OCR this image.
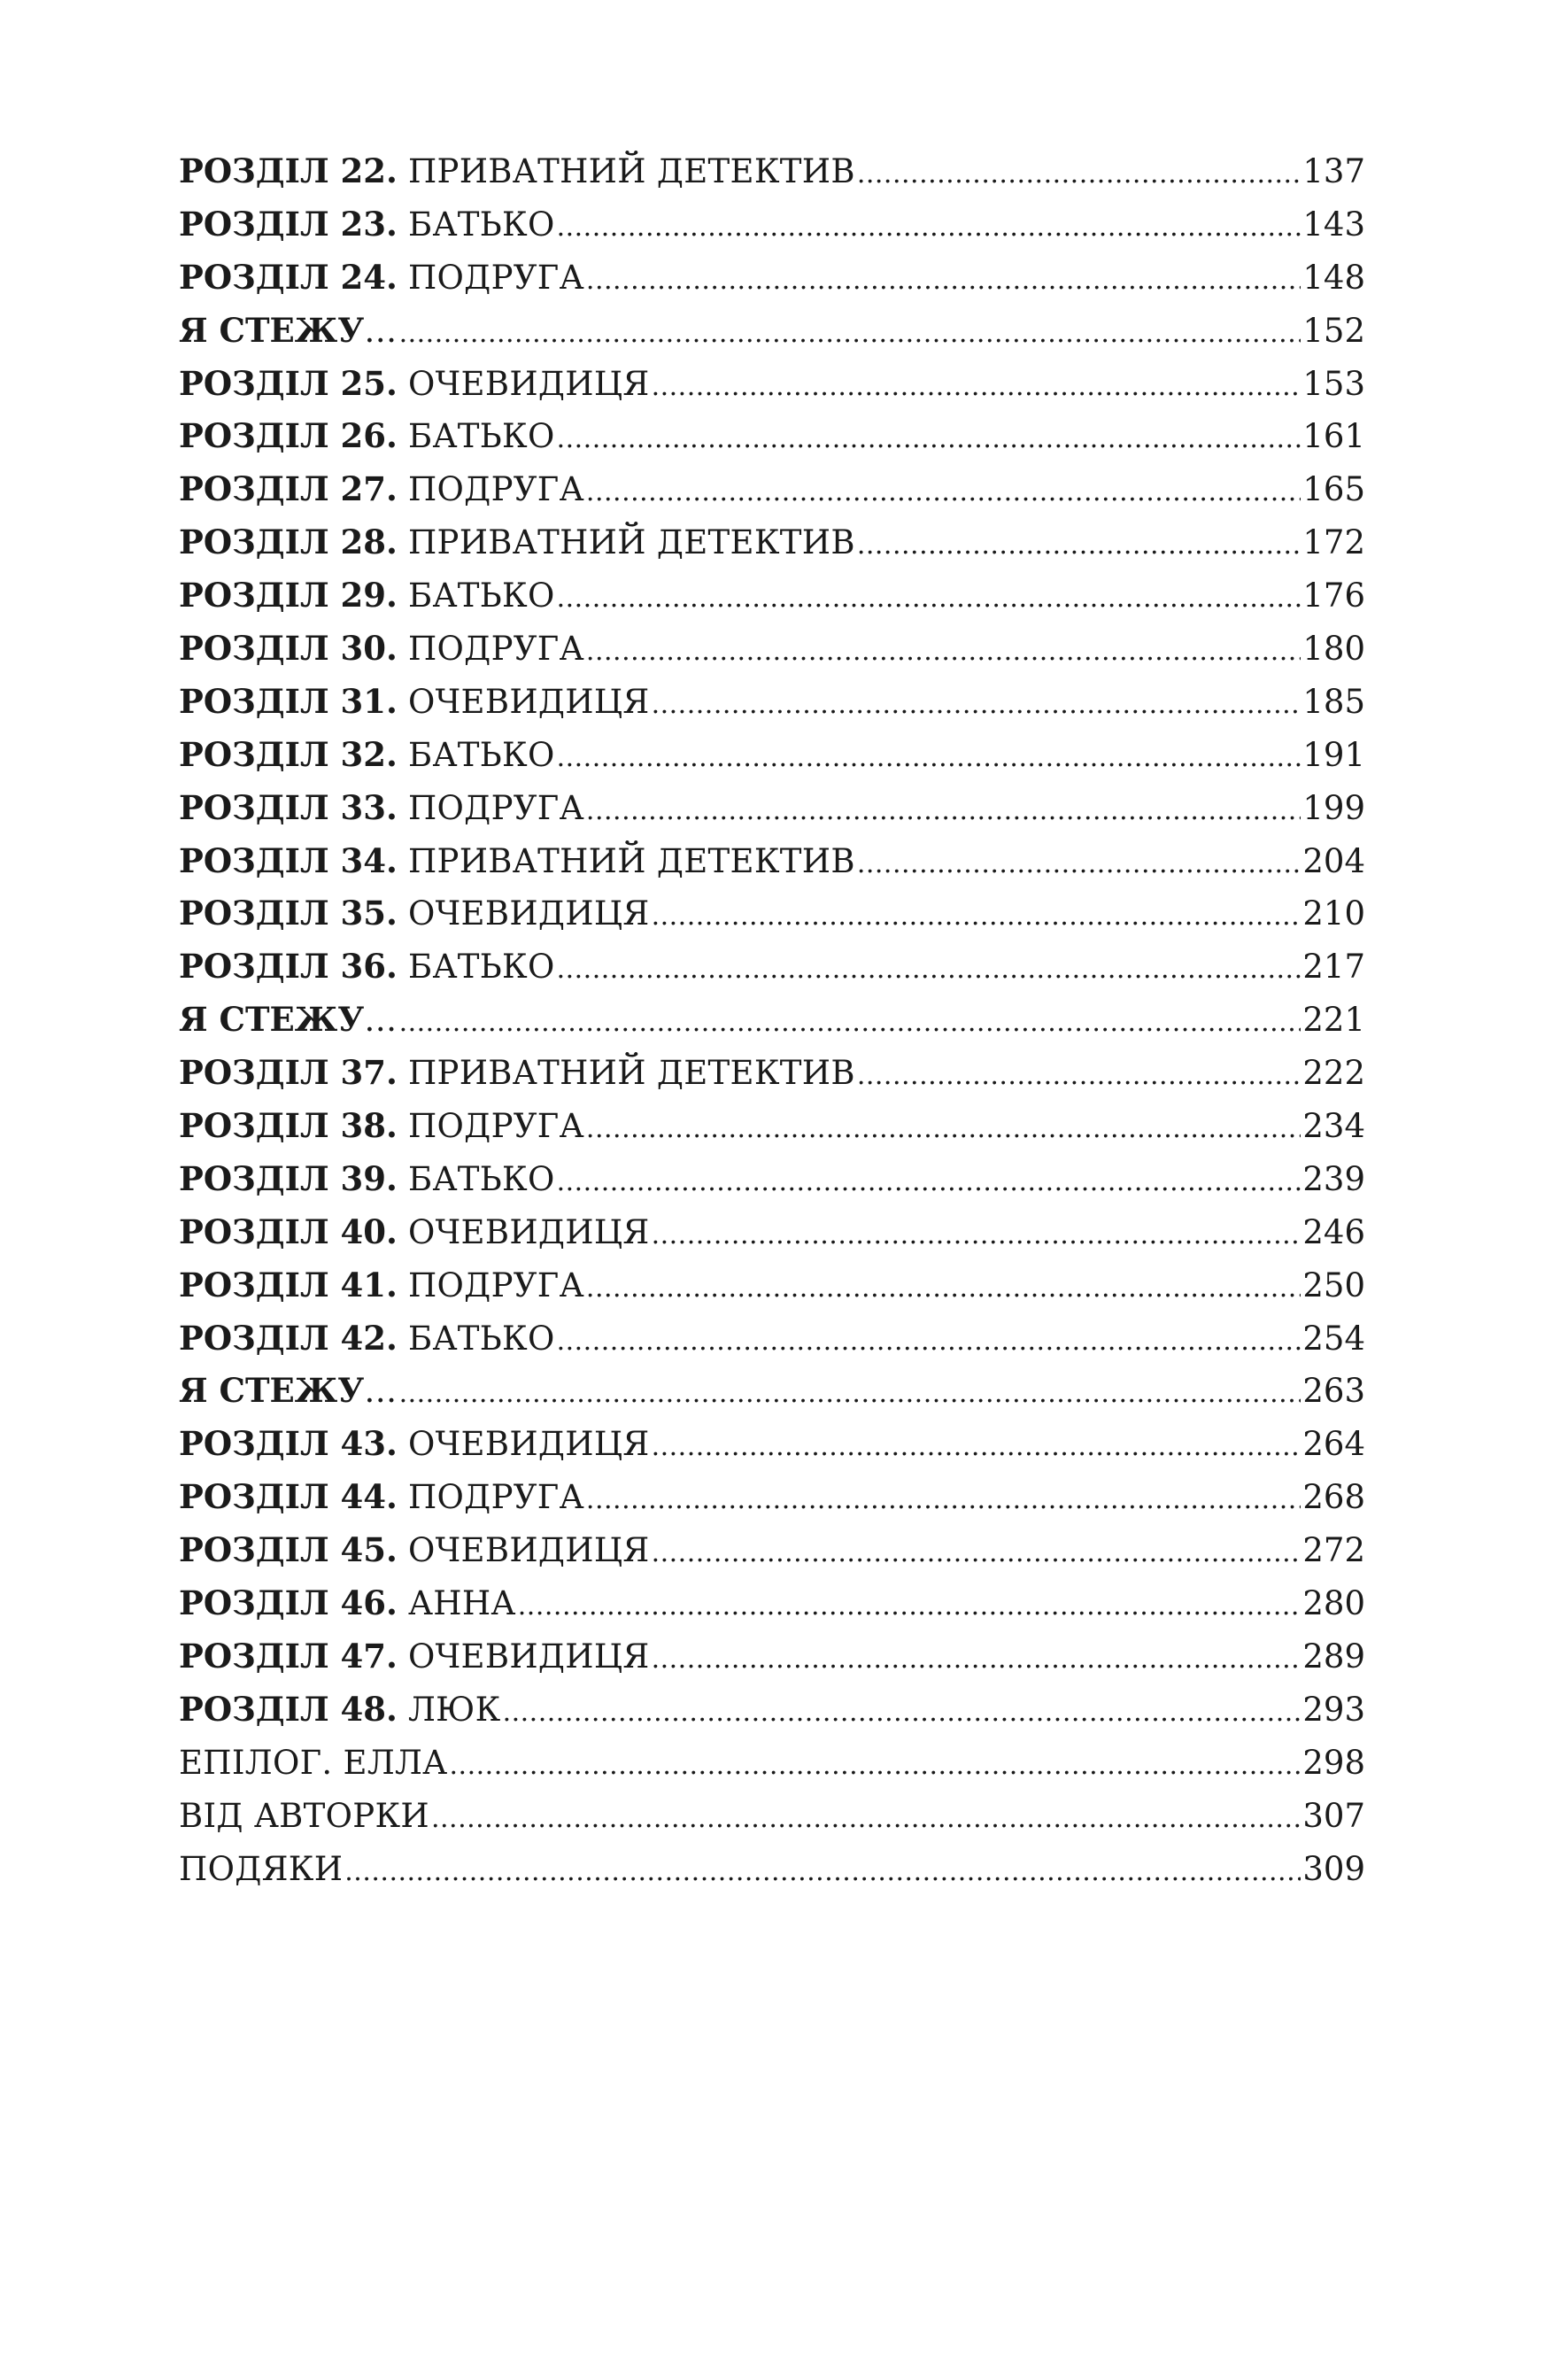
РОЗДІЛ 22. ПРИВАТНИЙ ДЕТЕКТИВ .....	137
РОЗДІЛ 23. БАТЬКО .....	143
РОЗДІЛ 24. ПОДРУГА .....	148
Я СТЕЖУ… .....	152
РОЗДІЛ 25. ОЧЕВИДИЦЯ .....	153
РОЗДІЛ 26. БАТЬКО .....	161
РОЗДІЛ 27. ПОДРУГА .....	165
РОЗДІЛ 28. ПРИВАТНИЙ ДЕТЕКТИВ .....	172
РОЗДІЛ 29. БАТЬКО .....	176
РОЗДІЛ 30. ПОДРУГА .....	180
РОЗДІЛ 31. ОЧЕВИДИЦЯ .....	185
РОЗДІЛ 32. БАТЬКО .....	191
РОЗДІЛ 33. ПОДРУГА .....	199
РОЗДІЛ 34. ПРИВАТНИЙ ДЕТЕКТИВ .....	204
РОЗДІЛ 35. ОЧЕВИДИЦЯ .....	210
РОЗДІЛ 36. БАТЬКО .....	217
Я СТЕЖУ… .....	221
РОЗДІЛ 37. ПРИВАТНИЙ ДЕТЕКТИВ .....	222
РОЗДІЛ 38. ПОДРУГА .....	234
РОЗДІЛ 39. БАТЬКО .....	239
РОЗДІЛ 40. ОЧЕВИДИЦЯ .....	246
РОЗДІЛ 41. ПОДРУГА .....	250
РОЗДІЛ 42. БАТЬКО .....	254
Я СТЕЖУ… .....	263
РОЗДІЛ 43. ОЧЕВИДИЦЯ .....	264
РОЗДІЛ 44. ПОДРУГА .....	268
РОЗДІЛ 45. ОЧЕВИДИЦЯ .....	272
РОЗДІЛ 46. АННА .....	280
РОЗДІЛ 47. ОЧЕВИДИЦЯ .....	289
РОЗДІЛ 48. ЛЮК .....	293
ЕПІЛОГ. ЕЛЛА .....	298
ВІД АВТОРКИ .....	307
ПОДЯКИ .....	309
